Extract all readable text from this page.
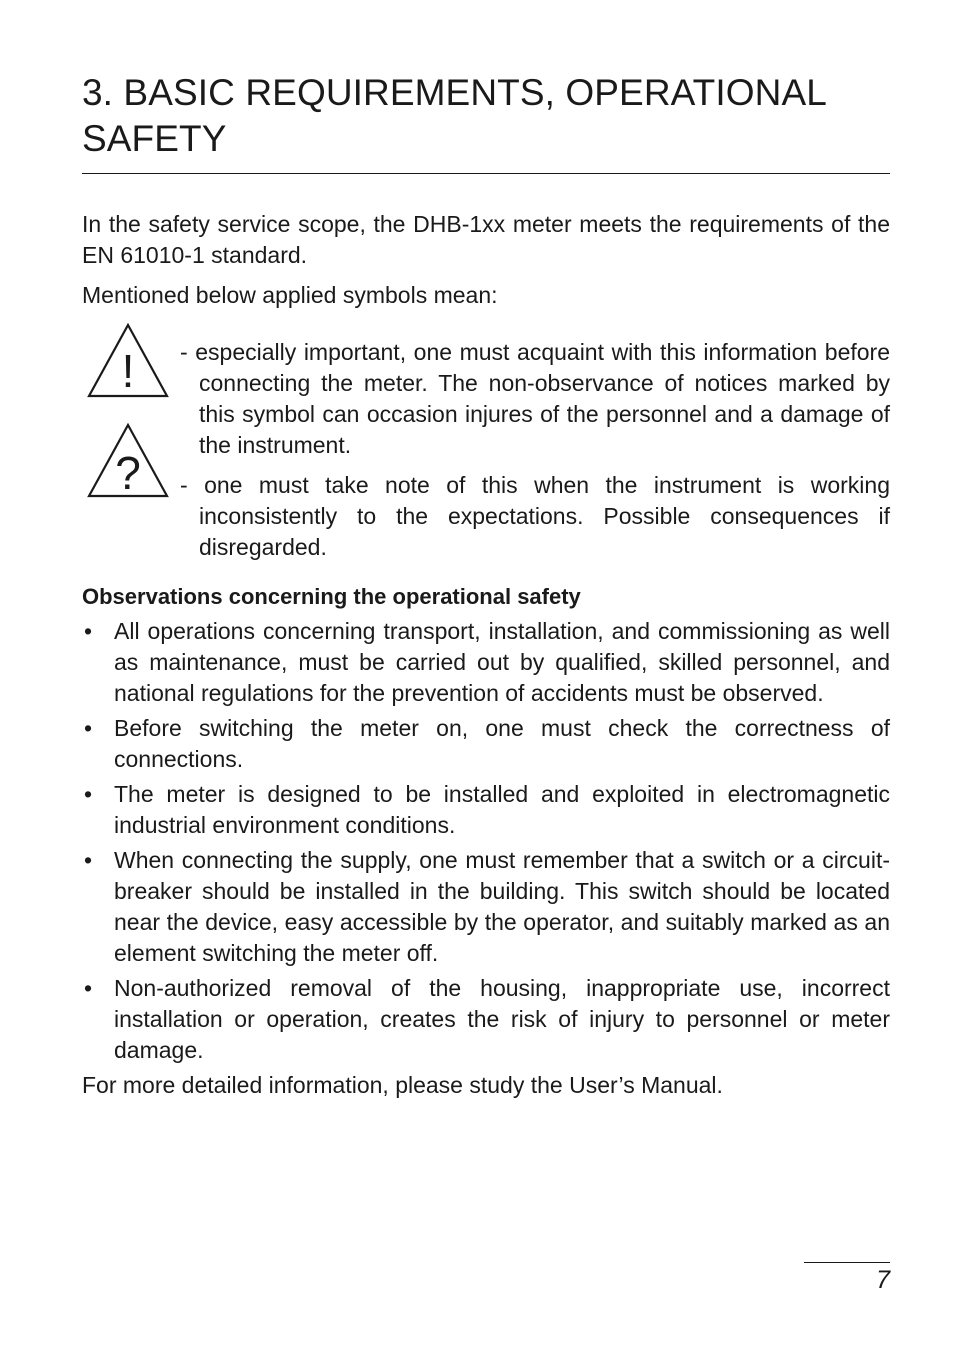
3. BASIC REQUIREMENTS, OPERATIONAL SAFETY

In the safety service scope, the DHB-1xx meter meets the requirements of the EN 61010-1 standard.

Mentioned below applied symbols mean:

! - especially important, one must acquaint with this information before connecting the meter. The non-observance of notices marked by this symbol can occasion injures of the personnel and a damage of the instrument.
? - one must take note of this when the instrument is working inconsistently to the expectations. Possible consequences if disregarded.
Observations concerning the operational safety
• All operations concerning transport, installation, and commissioning as well as maintenance, must be carried out by qualified, skilled personnel, and national regulations for the prevention of accidents must be observed.
• Before switching the meter on, one must check the correctness of connections.
• The meter is designed to be installed and exploited in electromagnetic industrial environment conditions.
• When connecting the supply, one must remember that a switch or a circuit-breaker should be installed in the building. This switch should be located near the device, easy accessible by the operator, and suitably marked as an element switching the meter off.
• Non-authorized removal of the housing, inappropriate use, incorrect installation or operation, creates the risk of injury to personnel or meter damage.

For more detailed information, please study the User’s Manual.

7
